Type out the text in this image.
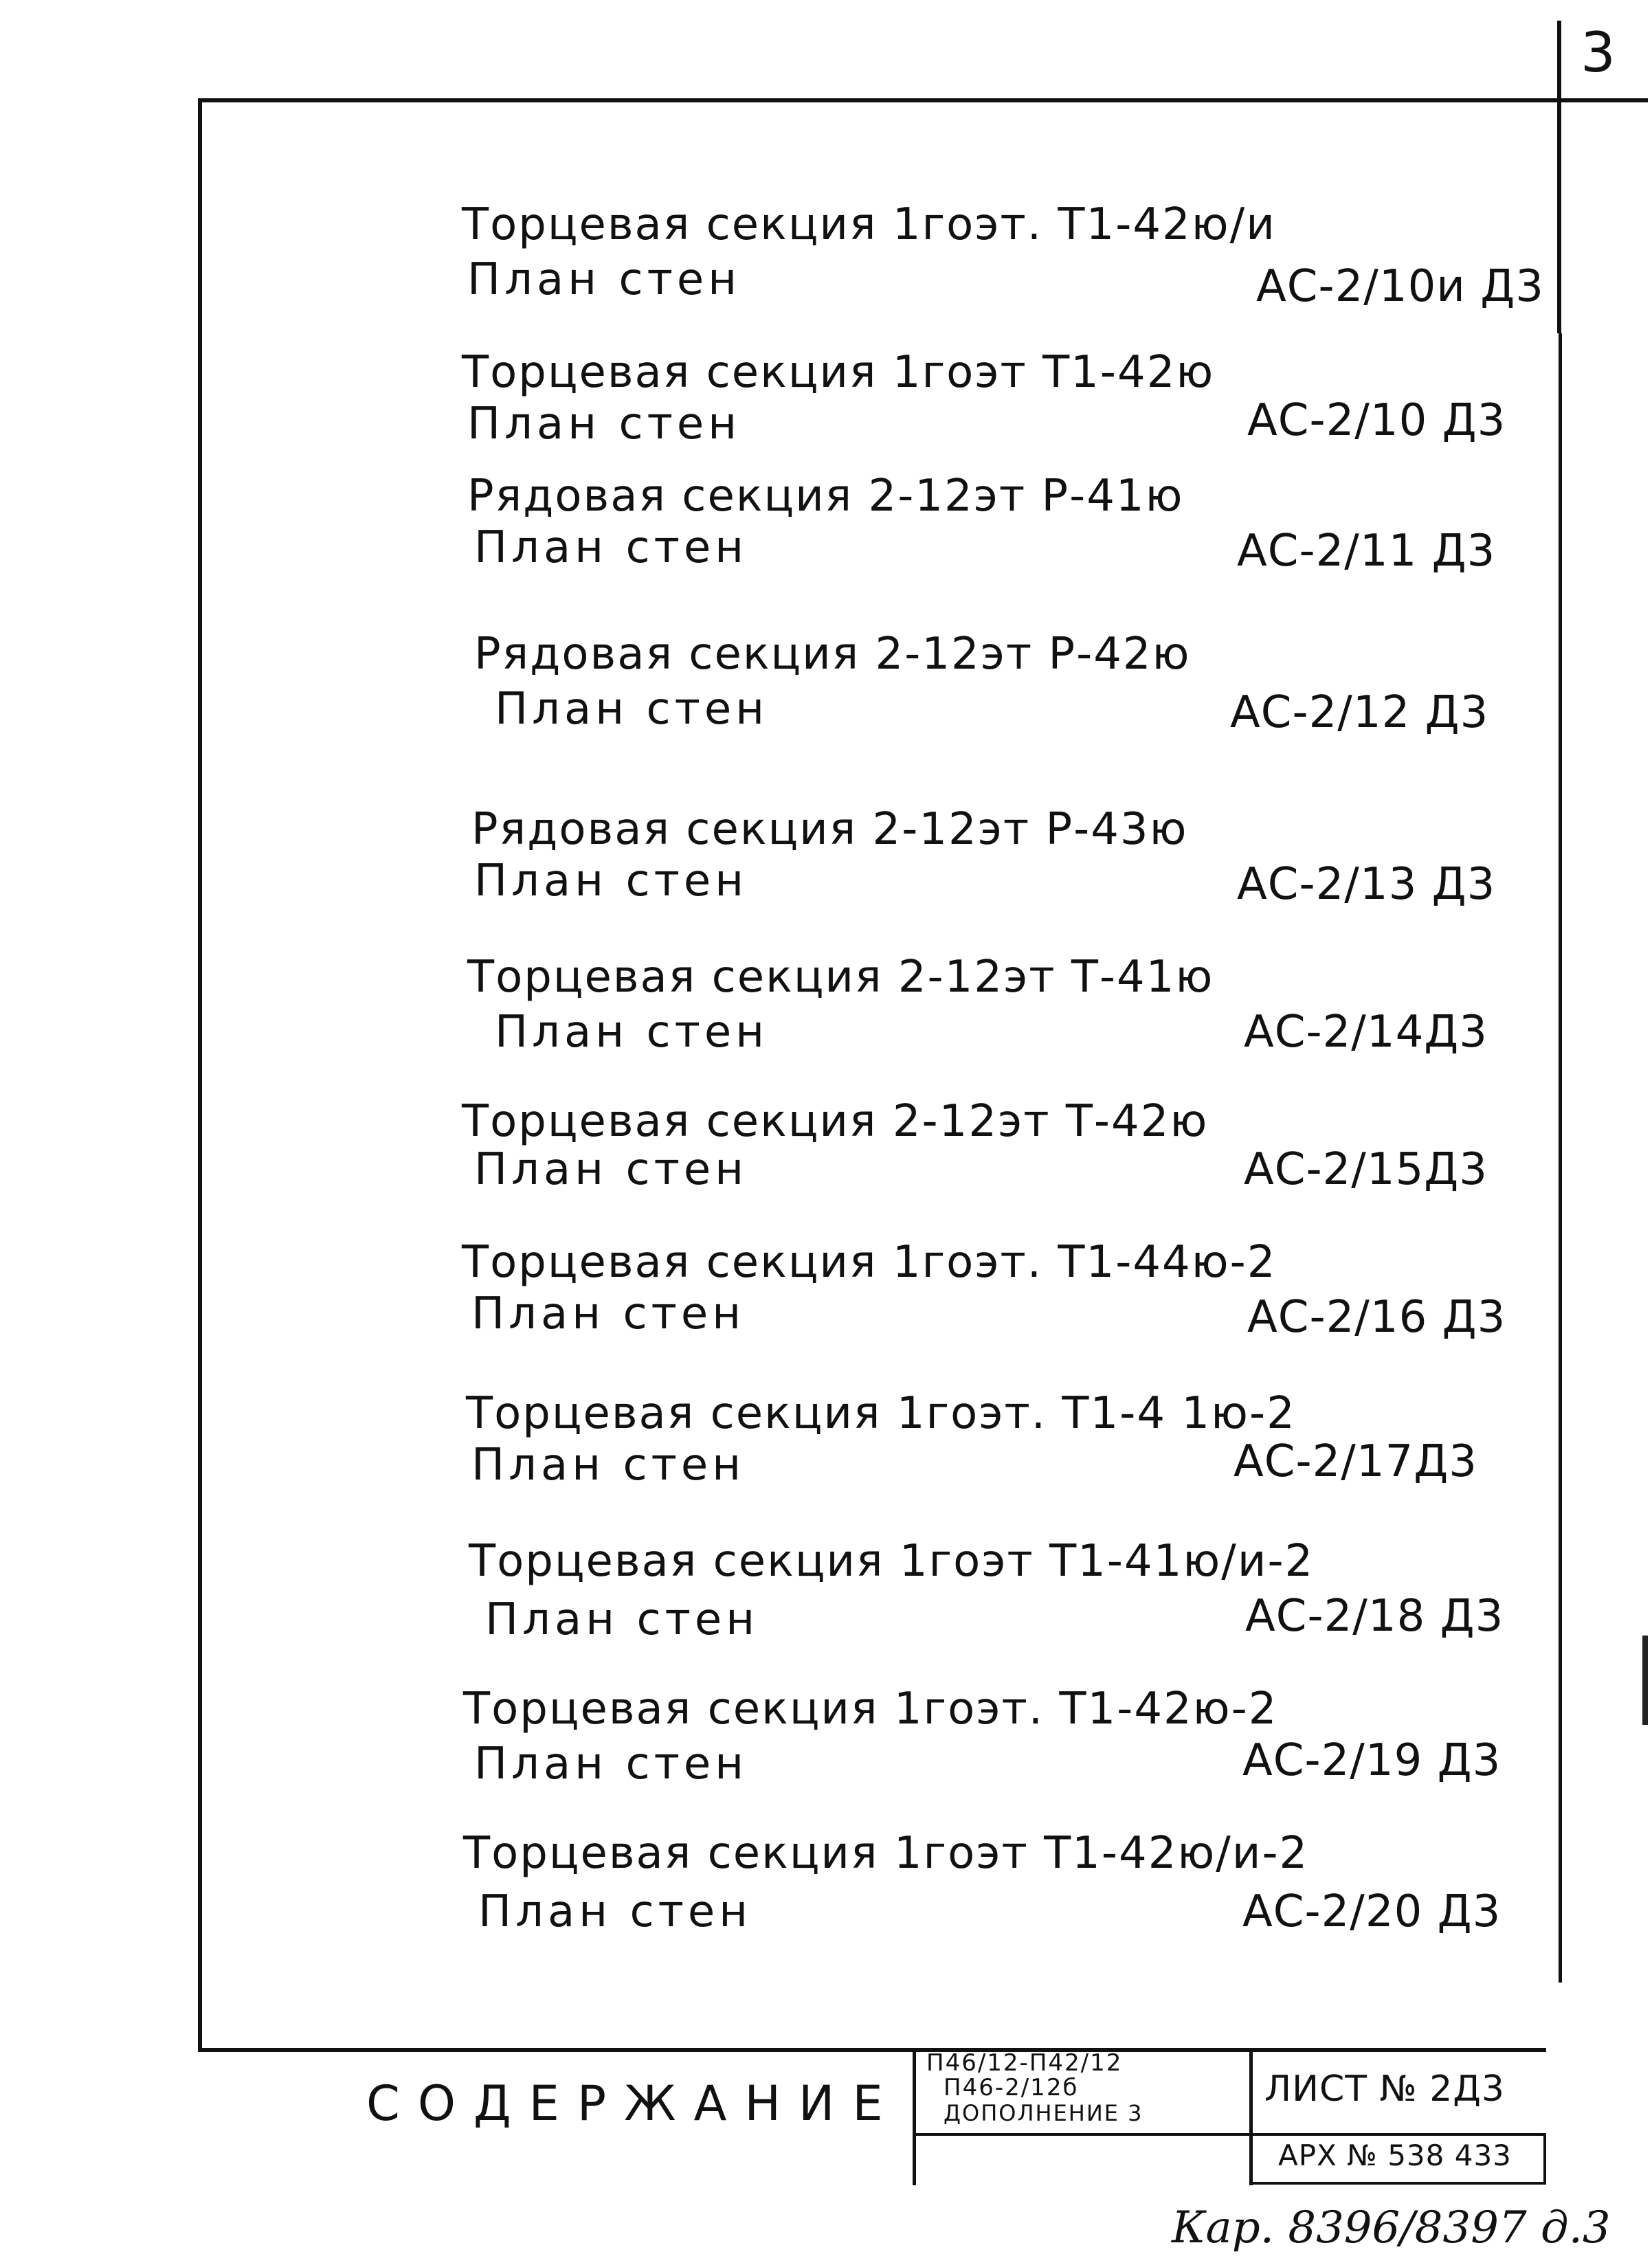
3
Торцевая секция 1гоэт. Т1-42ю/и
План стен	АС-2/10и Д3
Торцевая секция 1гоэт Т1-42ю
План стен	АС-2/10 Д3
Рядовая секция 2-12эт Р-41ю
План стен	АС-2/11 Д3
Рядовая секция 2-12эт Р-42ю
План стен	АС-2/12 Д3
Рядовая секция 2-12эт Р-43ю
План стен	АС-2/13 Д3
Торцевая секция 2-12эт Т-41ю
План стен	АС-2/14Д3
Торцевая секция 2-12эт Т-42ю
План стен	АС-2/15Д3
Торцевая секция 1гоэт. Т1-44ю-2
План стен	АС-2/16 Д3
Торцевая секция 1гоэт. Т1-4 1ю-2
План стен	АС-2/17Д3
Торцевая секция 1гоэт Т1-41ю/и-2
План стен	АС-2/18 Д3
Торцевая секция 1гоэт. Т1-42ю-2
План стен	АС-2/19 Д3
Торцевая секция 1гоэт Т1-42ю/и-2
План стен	АС-2/20 Д3
СОДЕРЖАНИЕ
П46/12-П42/12
П46-2/12б
ДОПОЛНЕНИЕ 3
ЛИСТ № 2Д3
АРХ № 538 433
Кар. 8396/8397 д.3
